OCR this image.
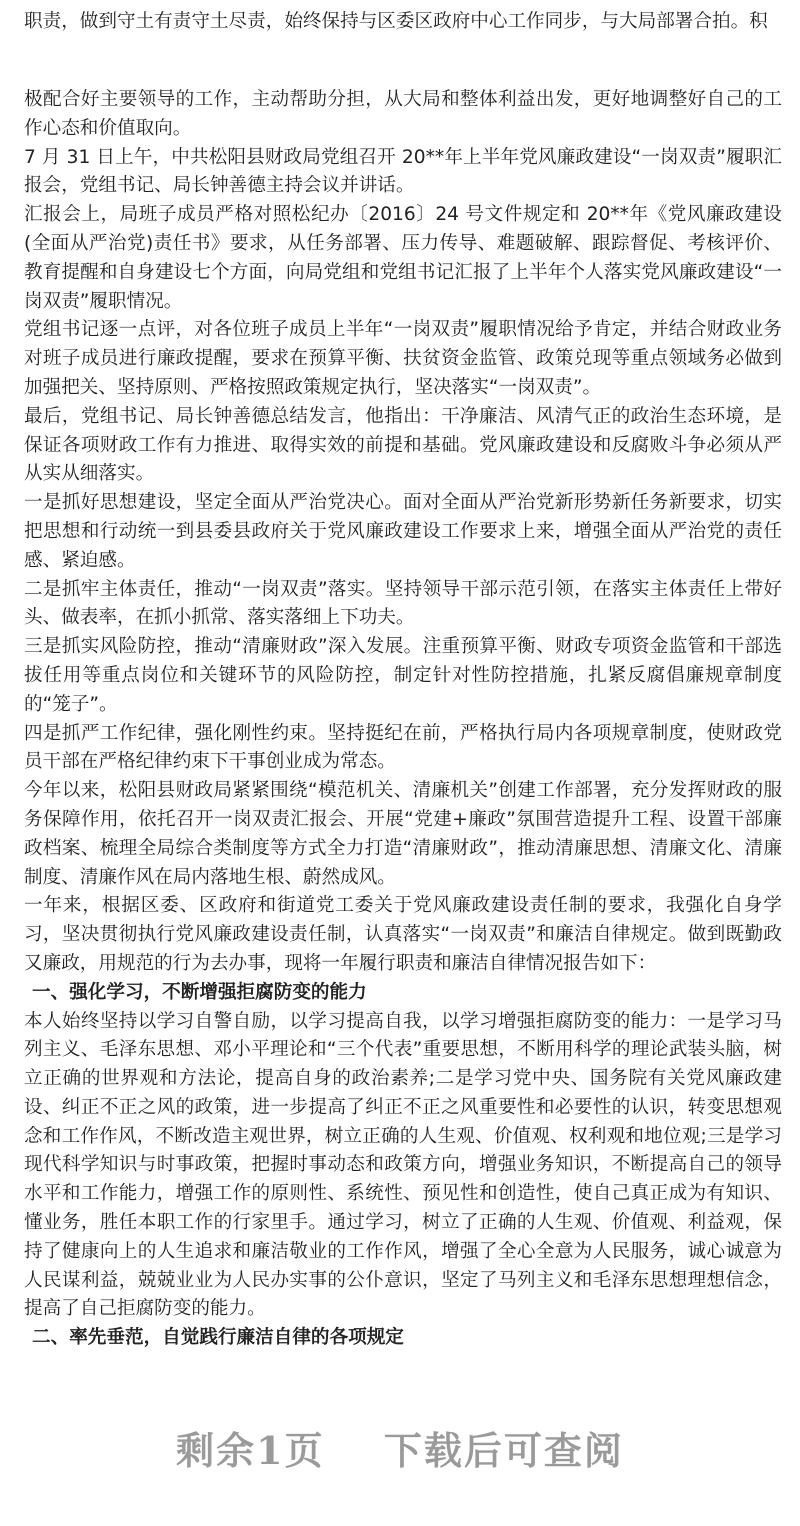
职责，做到守土有责守土尽责，始终保持与区委区政府中心工作同步，与大局部署合拍。积

极配合好主要领导的工作，主动帮助分担，从大局和整体利益出发，更好地调整好自己的工作心态和价值取向。

7 月 31 日上午，中共松阳县财政局党组召开 20**年上半年党风廉政建设“一岗双责”履职汇报会，党组书记、局长钟善德主持会议并讲话。

汇报会上，局班子成员严格对照松纪办〔2016〕24 号文件规定和 20**年《党风廉政建设(全面从严治党)责任书》要求，从任务部署、压力传导、难题破解、跟踪督促、考核评价、教育提醒和自身建设七个方面，向局党组和党组书记汇报了上半年个人落实党风廉政建设“一岗双责”履职情况。

党组书记逐一点评，对各位班子成员上半年“一岗双责”履职情况给予肯定，并结合财政业务对班子成员进行廉政提醒，要求在预算平衡、扶贫资金监管、政策兑现等重点领域务必做到加强把关、坚持原则、严格按照政策规定执行，坚决落实“一岗双责”。

最后，党组书记、局长钟善德总结发言，他指出：干净廉洁、风清气正的政治生态环境，是保证各项财政工作有力推进、取得实效的前提和基础。党风廉政建设和反腐败斗争必须从严从实从细落实。

一是抓好思想建设，坚定全面从严治党决心。面对全面从严治党新形势新任务新要求，切实把思想和行动统一到县委县政府关于党风廉政建设工作要求上来，增强全面从严治党的责任感、紧迫感。

二是抓牢主体责任，推动“一岗双责”落实。坚持领导干部示范引领，在落实主体责任上带好头、做表率，在抓小抓常、落实落细上下功夫。

三是抓实风险防控，推动“清廉财政”深入发展。注重预算平衡、财政专项资金监管和干部选拔任用等重点岗位和关键环节的风险防控，制定针对性防控措施，扎紧反腐倡廉规章制度的“笼子”。

四是抓严工作纪律，强化刚性约束。坚持挺纪在前，严格执行局内各项规章制度，使财政党员干部在严格纪律约束下干事创业成为常态。

今年以来，松阳县财政局紧紧围绕“模范机关、清廉机关”创建工作部署，充分发挥财政的服务保障作用，依托召开一岗双责汇报会、开展“党建+廉政”氛围营造提升工程、设置干部廉政档案、梳理全局综合类制度等方式全力打造“清廉财政”，推动清廉思想、清廉文化、清廉制度、清廉作风在局内落地生根、蔚然成风。

一年来，根据区委、区政府和街道党工委关于党风廉政建设责任制的要求，我强化自身学习，坚决贯彻执行党风廉政建设责任制，认真落实“一岗双责”和廉洁自律规定。做到既勤政又廉政，用规范的行为去办事，现将一年履行职责和廉洁自律情况报告如下：

一、强化学习，不断增强拒腐防变的能力

本人始终坚持以学习自警自励，以学习提高自我，以学习增强拒腐防变的能力：一是学习马列主义、毛泽东思想、邓小平理论和“三个代表”重要思想，不断用科学的理论武装头脑，树立正确的世界观和方法论，提高自身的政治素养;二是学习党中央、国务院有关党风廉政建设、纠正不正之风的政策，进一步提高了纠正不正之风重要性和必要性的认识，转变思想观念和工作作风，不断改造主观世界，树立正确的人生观、价值观、权利观和地位观;三是学习现代科学知识与时事政策，把握时事动态和政策方向，增强业务知识，不断提高自己的领导水平和工作能力，增强工作的原则性、系统性、预见性和创造性，使自己真正成为有知识、懂业务，胜任本职工作的行家里手。通过学习，树立了正确的人生观、价值观、利益观，保持了健康向上的人生追求和廉洁敬业的工作作风，增强了全心全意为人民服务，诚心诚意为人民谋利益，兢兢业业为人民办实事的公仆意识，坚定了马列主义和毛泽东思想理想信念，提高了自己拒腐防变的能力。

二、率先垂范，自觉践行廉洁自律的各项规定

剩余1页 下载后可查阅
